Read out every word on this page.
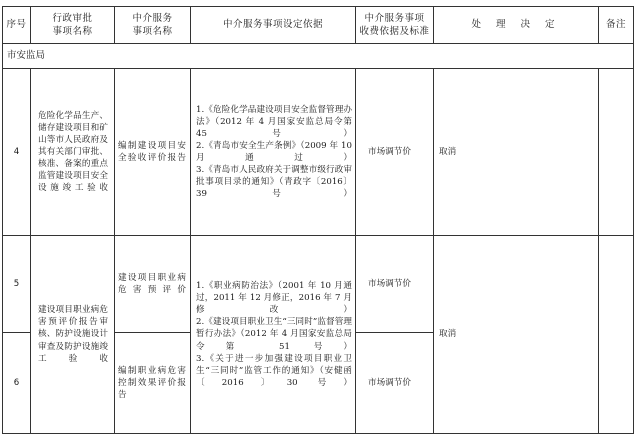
序号
行政审批
事项名称
中介服务
事项名称
中介服务事项设定依据
中介服务事项
收费依据及标准
处 理 决 定	备注
市安监局
4
危险化学品生产、储存建设项目和矿山等市人民政府及其有关部门审批、核准、备案的重点监管建设项目安全设施竣工验收
编制建设项目安全验收评价报告

1.《危险化学品建设项目安全监督管理办法》（2012 年 4 月国家安监总局令第 45 号）

2.《青岛市安全生产条例》（2009 年 10 月通过）

3.《青岛市人民政府关于调整市级行政审批事项目录的通知》（青政字〔2016〕39 号）

市场调节价	取消
5
建设项目职业病危害预评价
市场调节价
6
编制职业病危害控制效果评价报告
市场调节价
建设项目职业病危害预评价报告审核、防护设施设计审查及防护设施竣工验收

1.《职业病防治法》（2001 年 10 月通过，2011 年 12 月修正，2016 年 7 月修改）

2.《建设项目职业卫生“三同时”监督管理暂行办法》（2012 年 4 月国家安监总局令第 51 号）

3.《关于进一步加强建设项目职业卫生“三同时”监管工作的通知》（安健函〔2016〕30 号）

取消
